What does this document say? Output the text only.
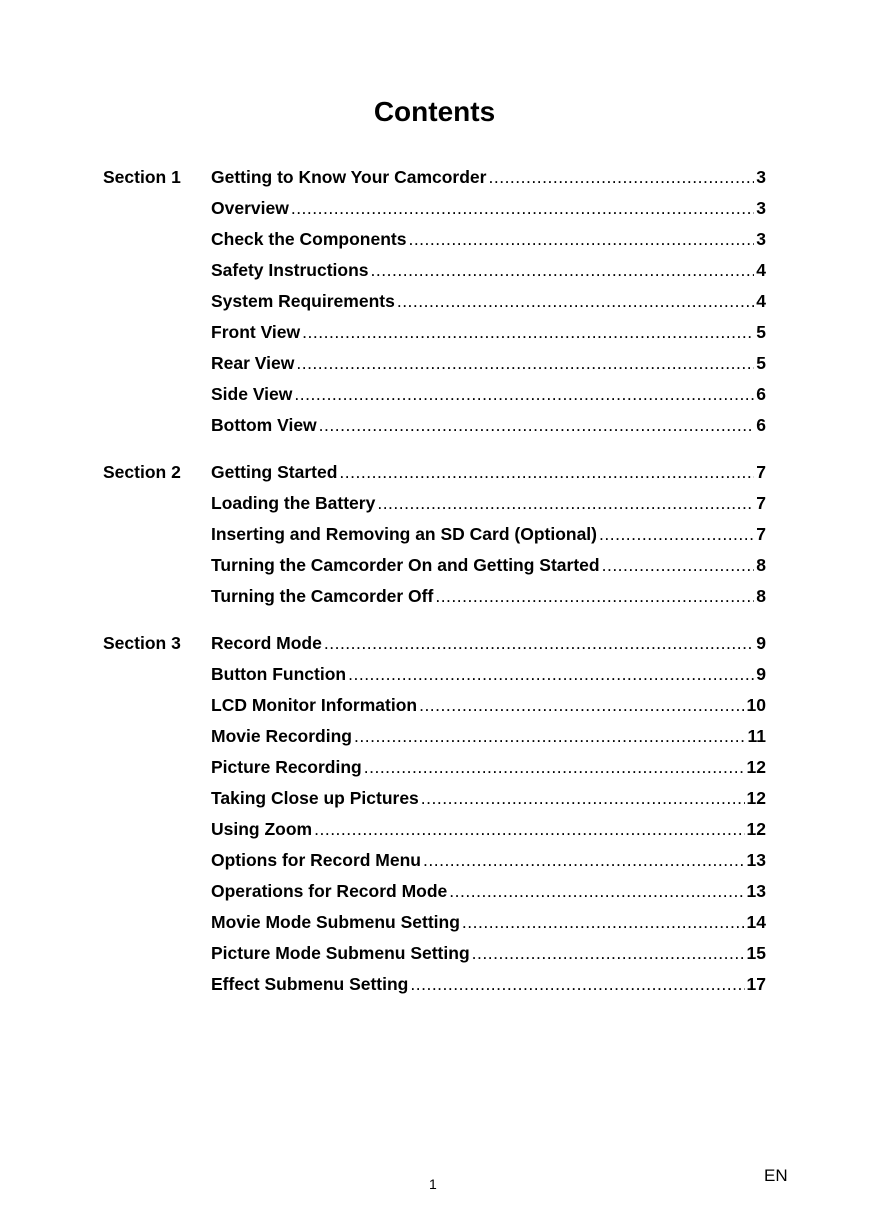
Contents
Section 1 Getting to Know Your Camcorder .....	3
Overview .....	3
Check the Components .....	3
Safety Instructions .....	4
System Requirements .....	4
Front View .....	5
Rear View .....	5
Side View .....	6
Bottom View .....	6
Section 2 Getting Started .....	7
Loading the Battery .....	7
Inserting and Removing an SD Card (Optional) .....	7
Turning the Camcorder On and Getting Started .....	8
Turning the Camcorder Off .....	8
Section 3 Record Mode .....	9
Button Function .....	9
LCD Monitor Information .....	10
Movie Recording .....	11
Picture Recording .....	12
Taking Close up Pictures .....	12
Using Zoom .....	12
Options for Record Menu .....	13
Operations for Record Mode .....	13
Movie Mode Submenu Setting .....	14
Picture Mode Submenu Setting .....	15
Effect Submenu Setting .....	17
1	EN
